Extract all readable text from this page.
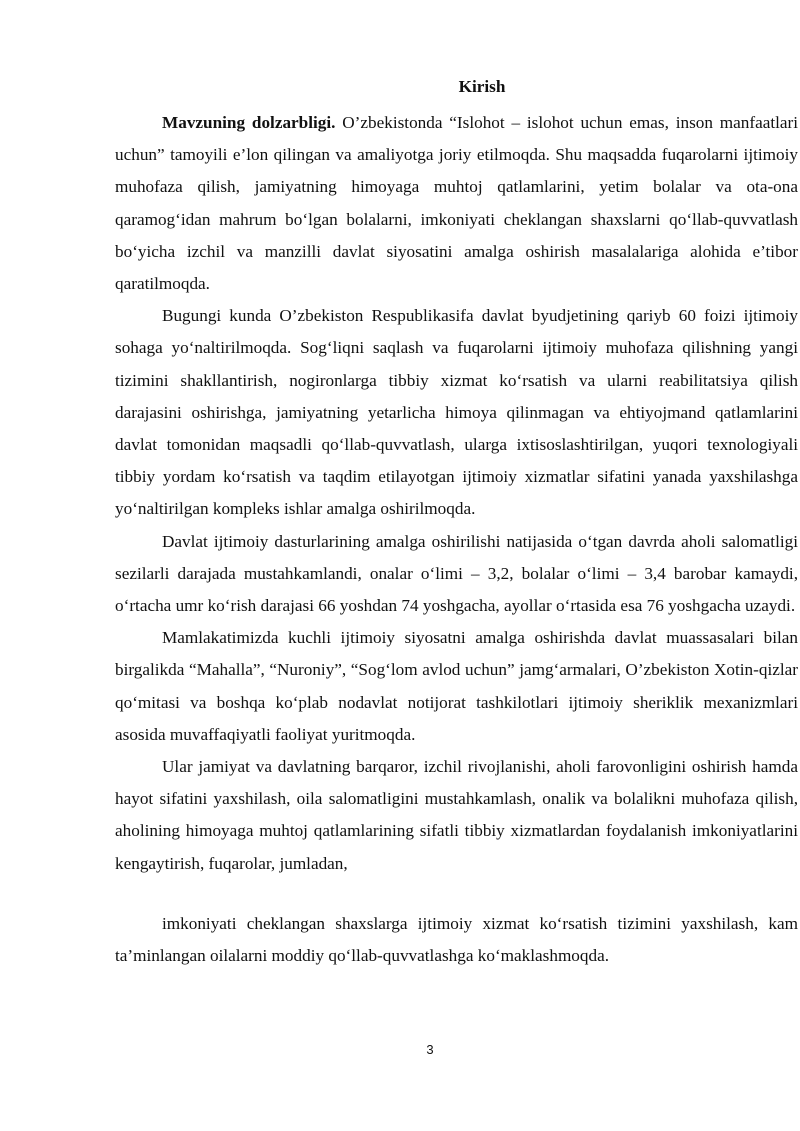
Kirish

Mavzuning dolzarbligi. O’zbekistonda “Islohot – islohot uchun emas, inson manfaatlari uchun” tamoyili e’lon qilingan va amaliyotga joriy etilmoqda. Shu maqsadda fuqarolarni ijtimoiy muhofaza qilish, jamiyatning himoyaga muhtoj qatlamlarini, yetim bolalar va ota-ona qaramog‘idan mahrum bo‘lgan bolalarni, imkoniyati cheklangan shaxslarni qo‘llab-quvvatlash bo‘yicha izchil va manzilli davlat siyosatini amalga oshirish masalalariga alohida e’tibor qaratilmoqda.

Bugungi kunda O’zbekiston Respublikasifa davlat byudjetining qariyb 60 foizi ijtimoiy sohaga yo‘naltirilmoqda. Sog‘liqni saqlash va fuqarolarni ijtimoiy muhofaza qilishning yangi tizimini shakllantirish, nogironlarga tibbiy xizmat ko‘rsatish va ularni reabilitatsiya qilish darajasini oshirishga, jamiyatning yetarlicha himoya qilinmagan va ehtiyojmand qatlamlarini davlat tomonidan maqsadli qo‘llab-quvvatlash, ularga ixtisoslashtirilgan, yuqori texnologiyali tibbiy yordam ko‘rsatish va taqdim etilayotgan ijtimoiy xizmatlar sifatini yanada yaxshilashga yo‘naltirilgan kompleks ishlar amalga oshirilmoqda.

Davlat ijtimoiy dasturlarining amalga oshirilishi natijasida o‘tgan davrda aholi salomatligi sezilarli darajada mustahkamlandi, onalar o‘limi – 3,2, bolalar o‘limi – 3,4 barobar kamaydi, o‘rtacha umr ko‘rish darajasi 66 yoshdan 74 yoshgacha, ayollar o‘rtasida esa 76 yoshgacha uzaydi.

Mamlakatimizda kuchli ijtimoiy siyosatni amalga oshirishda davlat muassasalari bilan birgalikda “Mahalla”, “Nuroniy”, “Sog‘lom avlod uchun” jamg‘armalari, O’zbekiston Xotin-qizlar qo‘mitasi va boshqa ko‘plab nodavlat notijorat tashkilotlari ijtimoiy sheriklik mexanizmlari asosida muvaffaqiyatli faoliyat yuritmoqda.

Ular jamiyat va davlatning barqaror, izchil rivojlanishi, aholi farovonligini oshirish hamda hayot sifatini yaxshilash, oila salomatligini mustahkamlash, onalik va bolalikni muhofaza qilish, aholining himoyaga muhtoj qatlamlarining sifatli tibbiy xizmatlardan foydalanish imkoniyatlarini kengaytirish, fuqarolar, jumladan,

imkoniyati cheklangan shaxslarga ijtimoiy xizmat ko‘rsatish tizimini yaxshilash, kam ta’minlangan oilalarni moddiy qo‘llab-quvvatlashga ko‘maklashmoqda.

3
